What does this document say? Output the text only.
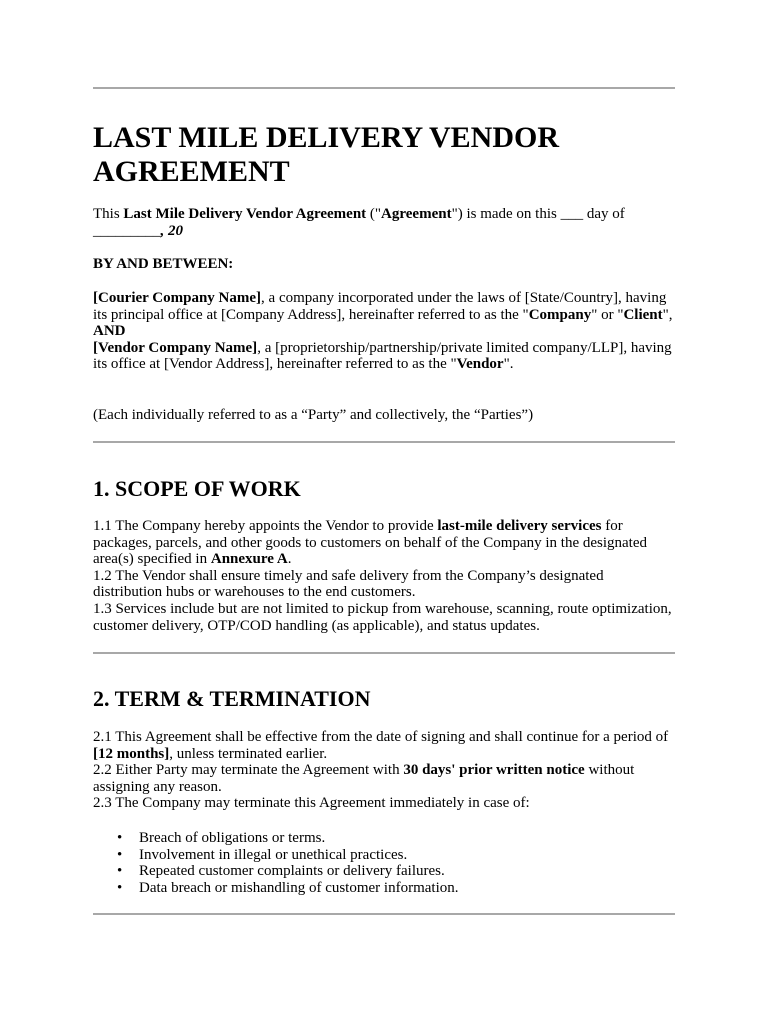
LAST MILE DELIVERY VENDOR AGREEMENT

This Last Mile Delivery Vendor Agreement ("Agreement") is made on this ___ day of _________, 20

BY AND BETWEEN:

[Courier Company Name], a company incorporated under the laws of [State/Country], having its principal office at [Company Address], hereinafter referred to as the "Company" or "Client",
AND
[Vendor Company Name], a [proprietorship/partnership/private limited company/LLP], having its office at [Vendor Address], hereinafter referred to as the "Vendor".

(Each individually referred to as a “Party” and collectively, the “Parties”)

1. SCOPE OF WORK

1.1 The Company hereby appoints the Vendor to provide last-mile delivery services for packages, parcels, and other goods to customers on behalf of the Company in the designated area(s) specified in Annexure A.
1.2 The Vendor shall ensure timely and safe delivery from the Company’s designated distribution hubs or warehouses to the end customers.
1.3 Services include but are not limited to pickup from warehouse, scanning, route optimization, customer delivery, OTP/COD handling (as applicable), and status updates.

2. TERM & TERMINATION

2.1 This Agreement shall be effective from the date of signing and shall continue for a period of [12 months], unless terminated earlier.
2.2 Either Party may terminate the Agreement with 30 days' prior written notice without assigning any reason.
2.3 The Company may terminate this Agreement immediately in case of:

• Breach of obligations or terms.
• Involvement in illegal or unethical practices.
• Repeated customer complaints or delivery failures.
• Data breach or mishandling of customer information.
